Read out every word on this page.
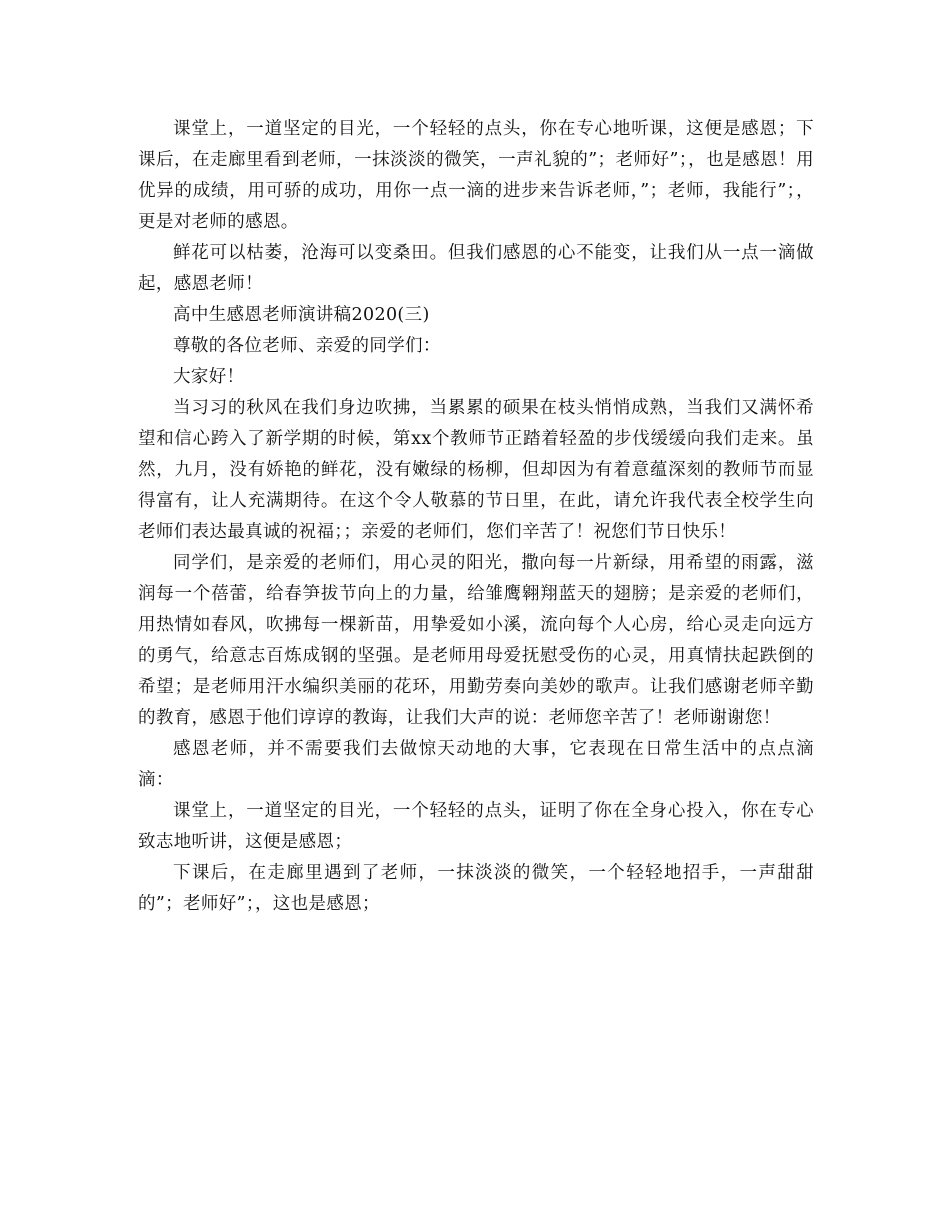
课堂上，一道坚定的目光，一个轻轻的点头，你在专心地听课，这便是感恩；下课后，在走廊里看到老师，一抹淡淡的微笑，一声礼貌的”；老师好”；，也是感恩！用优异的成绩，用可骄的成功，用你一点一滴的进步来告诉老师，”；老师，我能行”；，更是对老师的感恩。

鲜花可以枯萎，沧海可以变桑田。但我们感恩的心不能变，让我们从一点一滴做起，感恩老师！

高中生感恩老师演讲稿2020(三)

尊敬的各位老师、亲爱的同学们：

大家好！

当习习的秋风在我们身边吹拂，当累累的硕果在枝头悄悄成熟，当我们又满怀希望和信心跨入了新学期的时候，第xx个教师节正踏着轻盈的步伐缓缓向我们走来。虽然，九月，没有娇艳的鲜花，没有嫩绿的杨柳，但却因为有着意蕴深刻的教师节而显得富有，让人充满期待。在这个令人敬慕的节日里，在此，请允许我代表全校学生向老师们表达最真诚的祝福；；亲爱的老师们，您们辛苦了！祝您们节日快乐！

同学们，是亲爱的老师们，用心灵的阳光，撒向每一片新绿，用希望的雨露，滋润每一个蓓蕾，给春笋拔节向上的力量，给雏鹰翱翔蓝天的翅膀；是亲爱的老师们，用热情如春风，吹拂每一棵新苗，用挚爱如小溪，流向每个人心房，给心灵走向远方的勇气，给意志百炼成钢的坚强。是老师用母爱抚慰受伤的心灵，用真情扶起跌倒的希望；是老师用汗水编织美丽的花环，用勤劳奏向美妙的歌声。让我们感谢老师辛勤的教育，感恩于他们谆谆的教诲，让我们大声的说：老师您辛苦了！老师谢谢您！

感恩老师，并不需要我们去做惊天动地的大事，它表现在日常生活中的点点滴滴：

课堂上，一道坚定的目光，一个轻轻的点头，证明了你在全身心投入，你在专心致志地听讲，这便是感恩；

下课后，在走廊里遇到了老师，一抹淡淡的微笑，一个轻轻地招手，一声甜甜的”；老师好”；，这也是感恩；
